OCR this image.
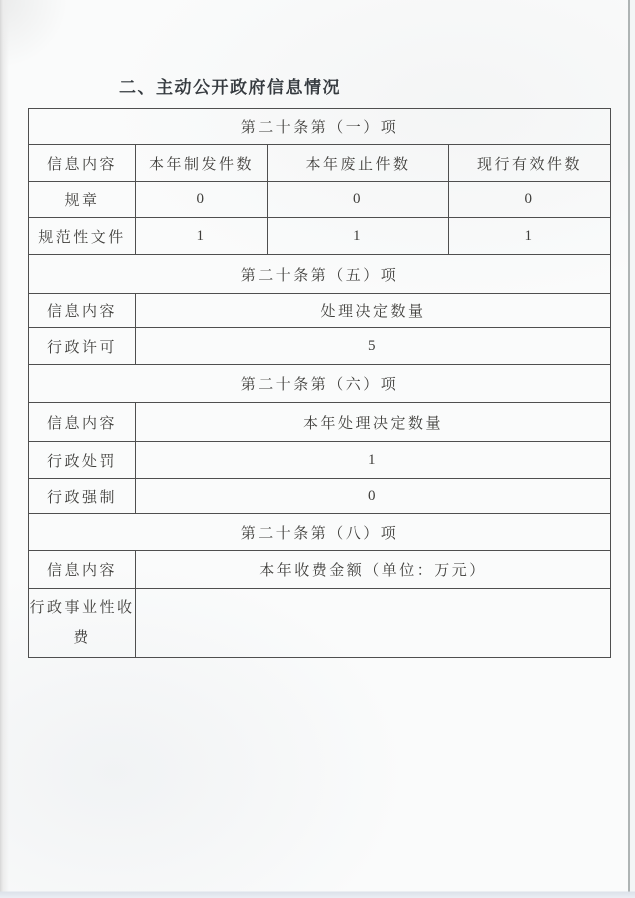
二、主动公开政府信息情况
第二十条第（一）项			
信息内容	本年制发件数	本年废止件数	现行有效件数
规章	0	0	0
规范性文件	1	1	1
第二十条第（五）项			
信息内容	处理决定数量		
行政许可	5		
第二十条第（六）项			
信息内容	本年处理决定数量		
行政处罚	1		
行政强制	0		
第二十条第（八）项			
信息内容	本年收费金额（单位：万元）		
行政事业性收费			
